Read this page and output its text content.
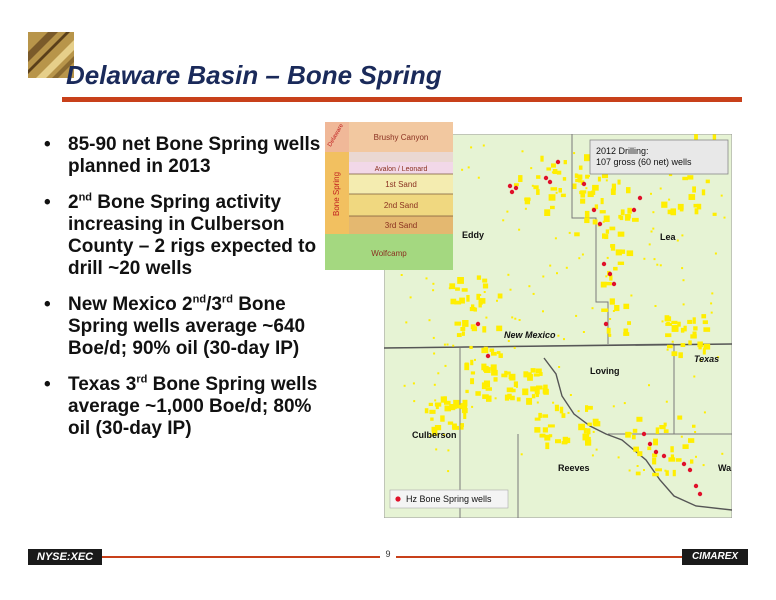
Delaware Basin – Bone Spring
• 85-90 net Bone Spring wells planned in 2013
• 2nd Bone Spring activity increasing in Culberson County – 2 rigs expected to drill ~20 wells
• New Mexico 2nd/3rd Bone Spring wells average ~640 Boe/d; 90% oil (30-day IP)
• Texas 3rd Bone Spring wells average ~1,000 Boe/d; 80% oil (30-day IP)
2012 Drilling:
107 gross (60 net) wells
Eddy	Lea
Loving
Culberson
Reeves	Wa
New Mexico
Texas
Hz Bone Spring wells
Delaware
Bone Spring
Brushy Canyon
Avalon / Leonard
1st Sand
2nd Sand
3rd Sand
Wolfcamp
NYSE:XEC	9	CIMAREX
